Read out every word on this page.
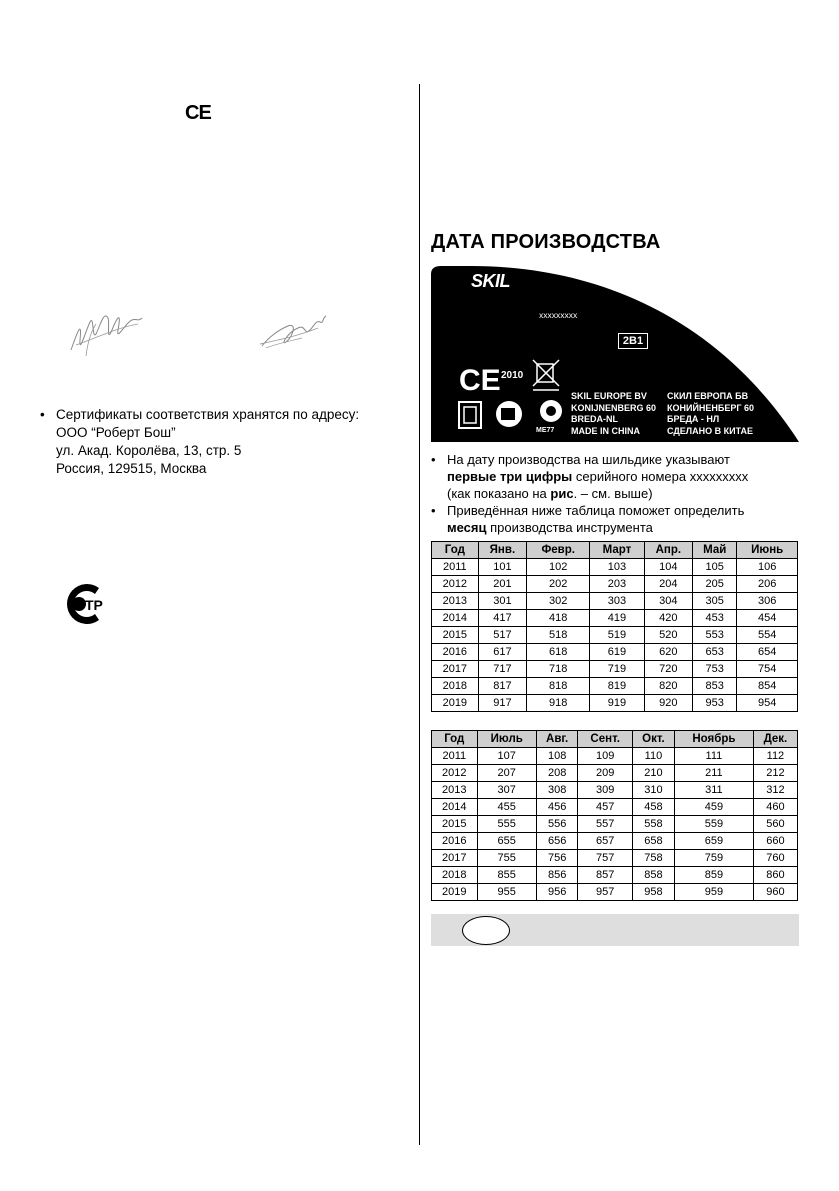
CE
• Сертификаты соответствия хранятся по адресу:
ООО “Роберт Бош”
ул. Акад. Королёва, 13, стр. 5
Россия, 129515, Москва
ТР
ДАТА ПРОИЗВОДСТВА
CE
SKIL
xxxxxxxxx
2010
ME77
SKIL EUROPE BV
KONIJNENBERG 60
BREDA-NL
MADE IN CHINA
СКИЛ ЕВРОПА БВ
КОНИЙНЕНБЕРГ 60
БРЕДА - НЛ
СДЕЛАНО В КИТАЕ
2B1
• На дату производства на шильдике указывают
первые три цифры серийного номера xxxxxxxxx
(как показано на рис. – см. выше)
• Приведённая ниже таблица поможет определить
месяц производства инструмента
Год	Янв.	Февр.	Март	Апр.	Май	Июнь
2011	101	102	103	104	105	106
2012	201	202	203	204	205	206
2013	301	302	303	304	305	306
2014	417	418	419	420	453	454
2015	517	518	519	520	553	554
2016	617	618	619	620	653	654
2017	717	718	719	720	753	754
2018	817	818	819	820	853	854
2019	917	918	919	920	953	954
Год	Июль	Авг.	Сент.	Окт.	Ноябрь	Дек.
2011	107	108	109	110	111	112
2012	207	208	209	210	211	212
2013	307	308	309	310	311	312
2014	455	456	457	458	459	460
2015	555	556	557	558	559	560
2016	655	656	657	658	659	660
2017	755	756	757	758	759	760
2018	855	856	857	858	859	860
2019	955	956	957	958	959	960
